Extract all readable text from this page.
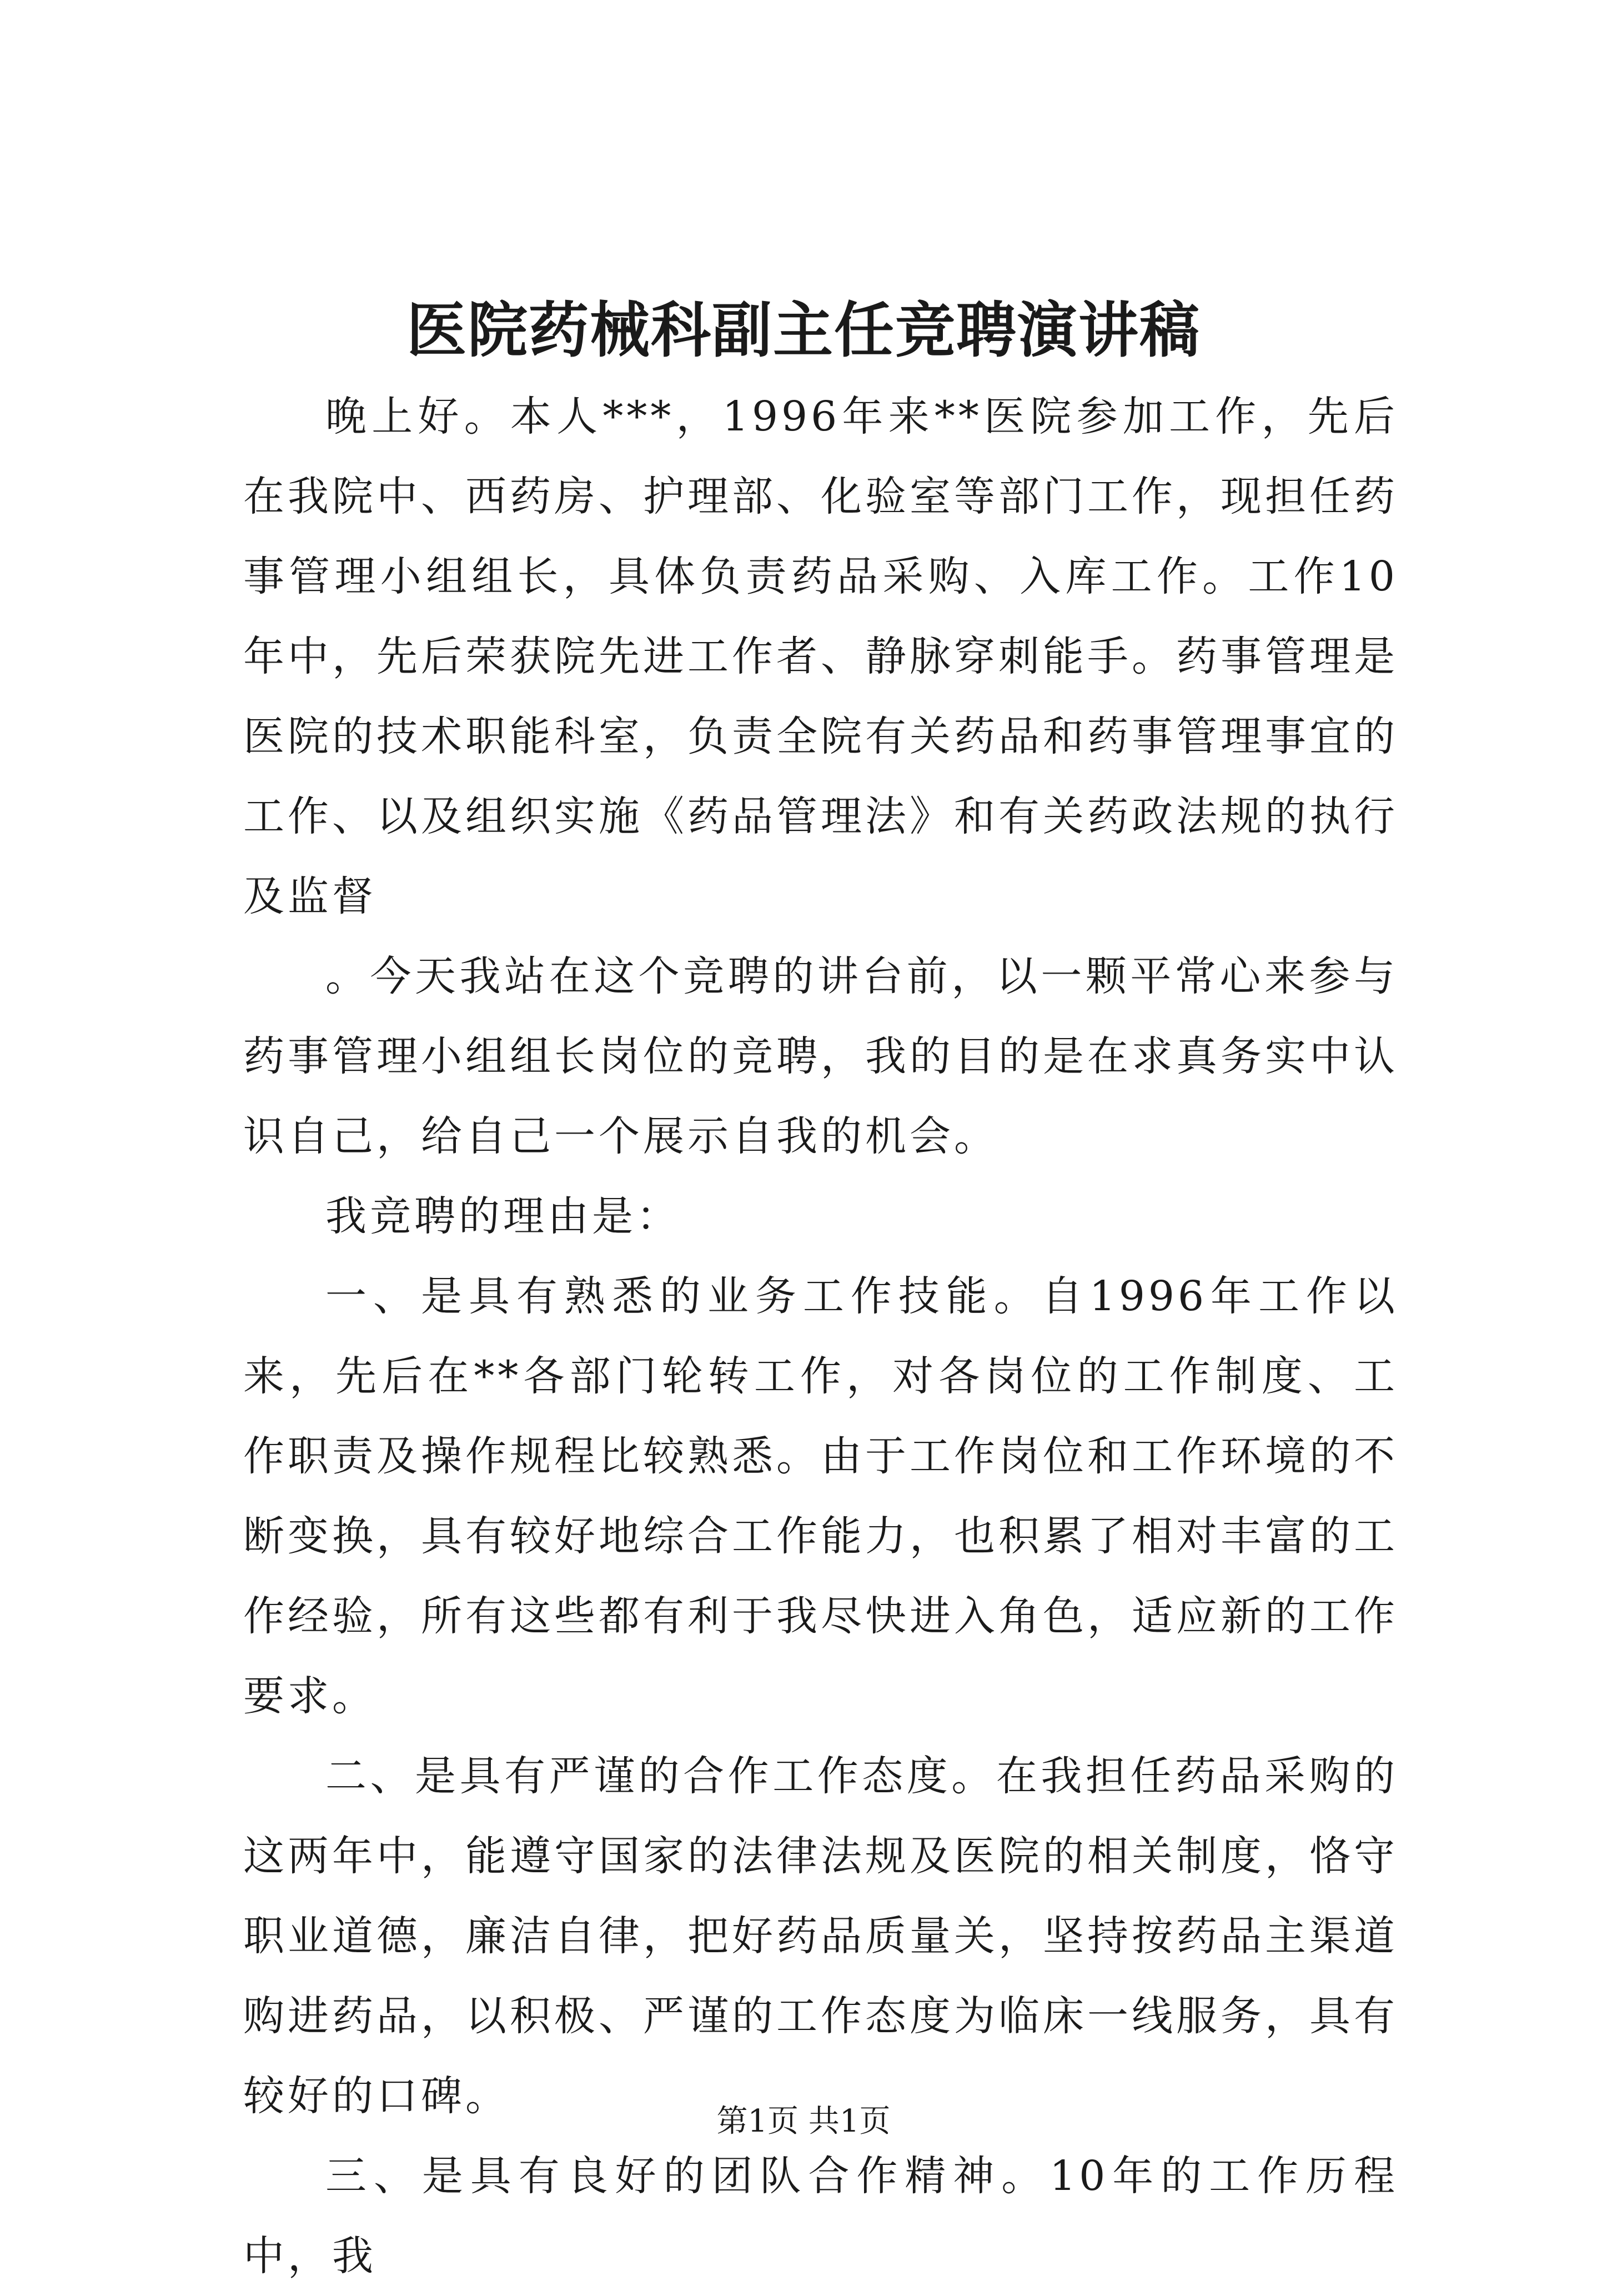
医院药械科副主任竞聘演讲稿

晚上好。本人***，1996年来**医院参加工作，先后在我院中、西药房、护理部、化验室等部门工作，现担任药事管理小组组长，具体负责药品采购、入库工作。工作10年中，先后荣获院先进工作者、静脉穿刺能手。药事管理是医院的技术职能科室，负责全院有关药品和药事管理事宜的工作、以及组织实施《药品管理法》和有关药政法规的执行及监督

。今天我站在这个竞聘的讲台前，以一颗平常心来参与药事管理小组组长岗位的竞聘，我的目的是在求真务实中认识自己，给自己一个展示自我的机会。

我竞聘的理由是：

一、是具有熟悉的业务工作技能。自1996年工作以来，先后在**各部门轮转工作，对各岗位的工作制度、工作职责及操作规程比较熟悉。由于工作岗位和工作环境的不断变换，具有较好地综合工作能力，也积累了相对丰富的工作经验，所有这些都有利于我尽快进入角色，适应新的工作要求。

二、是具有严谨的合作工作态度。在我担任药品采购的这两年中，能遵守国家的法律法规及医院的相关制度，恪守职业道德，廉洁自律，把好药品质量关，坚持按药品主渠道购进药品，以积极、严谨的工作态度为临床一线服务，具有较好的口碑。

三、是具有良好的团队合作精神。10年的工作历程中，我

第1页 共1页
